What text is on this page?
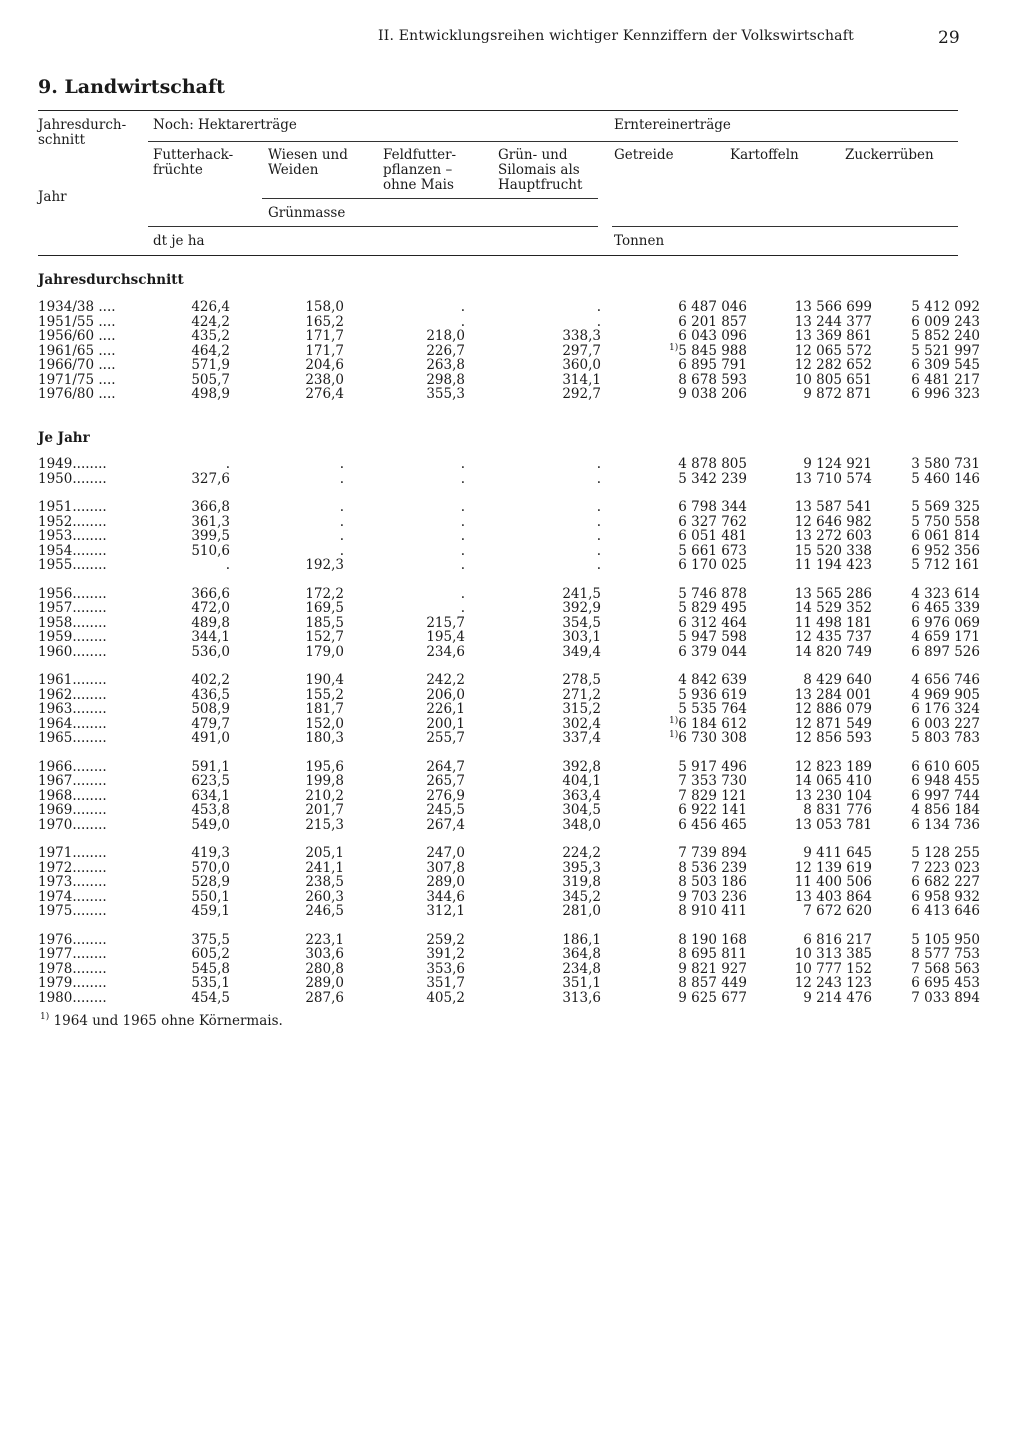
II. Entwicklungsreihen wichtiger Kennziffern der Volkswirtschaft	29
9. Landwirtschaft
Jahresdurch-
schnitt
Jahr
Noch: Hektarerträge	Erntereinerträge
Futterhack-
früchte
Wiesen und
Weiden
Feldfutter-
pflanzen –
ohne Mais
Grün- und
Silomais als
Hauptfrucht
Getreide	Kartoffeln	Zuckerrüben
Grünmasse
dt je ha	Tonnen
Jahresdurchschnitt
1934/38 ....	426,4	158,0	.	.	6 487 046	13 566 699	5 412 092
1951/55 ....	424,2	165,2	.	.	6 201 857	13 244 377	6 009 243
1956/60 ....	435,2	171,7	218,0	338,3	6 043 096	13 369 861	5 852 240
1961/65 ....	464,2	171,7	226,7	297,7	$^{1)}$5 845 988	12 065 572	5 521 997
1966/70 ....	571,9	204,6	263,8	360,0	6 895 791	12 282 652	6 309 545
1971/75 ....	505,7	238,0	298,8	314,1	8 678 593	10 805 651	6 481 217
1976/80 ....	498,9	276,4	355,3	292,7	9 038 206	9 872 871	6 996 323
Je Jahr
1949........	.	.	.	.	4 878 805	9 124 921	3 580 731
1950........	327,6	.	.	.	5 342 239	13 710 574	5 460 146

1951........	366,8	.	.	.	6 798 344	13 587 541	5 569 325
1952........	361,3	.	.	.	6 327 762	12 646 982	5 750 558
1953........	399,5	.	.	.	6 051 481	13 272 603	6 061 814
1954........	510,6	.	.	.	5 661 673	15 520 338	6 952 356
1955........	.	192,3	.	.	6 170 025	11 194 423	5 712 161

1956........	366,6	172,2	.	241,5	5 746 878	13 565 286	4 323 614
1957........	472,0	169,5	.	392,9	5 829 495	14 529 352	6 465 339
1958........	489,8	185,5	215,7	354,5	6 312 464	11 498 181	6 976 069
1959........	344,1	152,7	195,4	303,1	5 947 598	12 435 737	4 659 171
1960........	536,0	179,0	234,6	349,4	6 379 044	14 820 749	6 897 526

1961........	402,2	190,4	242,2	278,5	4 842 639	8 429 640	4 656 746
1962........	436,5	155,2	206,0	271,2	5 936 619	13 284 001	4 969 905
1963........	508,9	181,7	226,1	315,2	5 535 764	12 886 079	6 176 324
1964........	479,7	152,0	200,1	302,4	$^{1)}$6 184 612	12 871 549	6 003 227
1965........	491,0	180,3	255,7	337,4	$^{1)}$6 730 308	12 856 593	5 803 783

1966........	591,1	195,6	264,7	392,8	5 917 496	12 823 189	6 610 605
1967........	623,5	199,8	265,7	404,1	7 353 730	14 065 410	6 948 455
1968........	634,1	210,2	276,9	363,4	7 829 121	13 230 104	6 997 744
1969........	453,8	201,7	245,5	304,5	6 922 141	8 831 776	4 856 184
1970........	549,0	215,3	267,4	348,0	6 456 465	13 053 781	6 134 736

1971........	419,3	205,1	247,0	224,2	7 739 894	9 411 645	5 128 255
1972........	570,0	241,1	307,8	395,3	8 536 239	12 139 619	7 223 023
1973........	528,9	238,5	289,0	319,8	8 503 186	11 400 506	6 682 227
1974........	550,1	260,3	344,6	345,2	9 703 236	13 403 864	6 958 932
1975........	459,1	246,5	312,1	281,0	8 910 411	7 672 620	6 413 646

1976........	375,5	223,1	259,2	186,1	8 190 168	6 816 217	5 105 950
1977........	605,2	303,6	391,2	364,8	8 695 811	10 313 385	8 577 753
1978........	545,8	280,8	353,6	234,8	9 821 927	10 777 152	7 568 563
1979........	535,1	289,0	351,7	351,1	8 857 449	12 243 123	6 695 453
1980........	454,5	287,6	405,2	313,6	9 625 677	9 214 476	7 033 894
$^{1)}$ 1964 und 1965 ohne Körnermais.
